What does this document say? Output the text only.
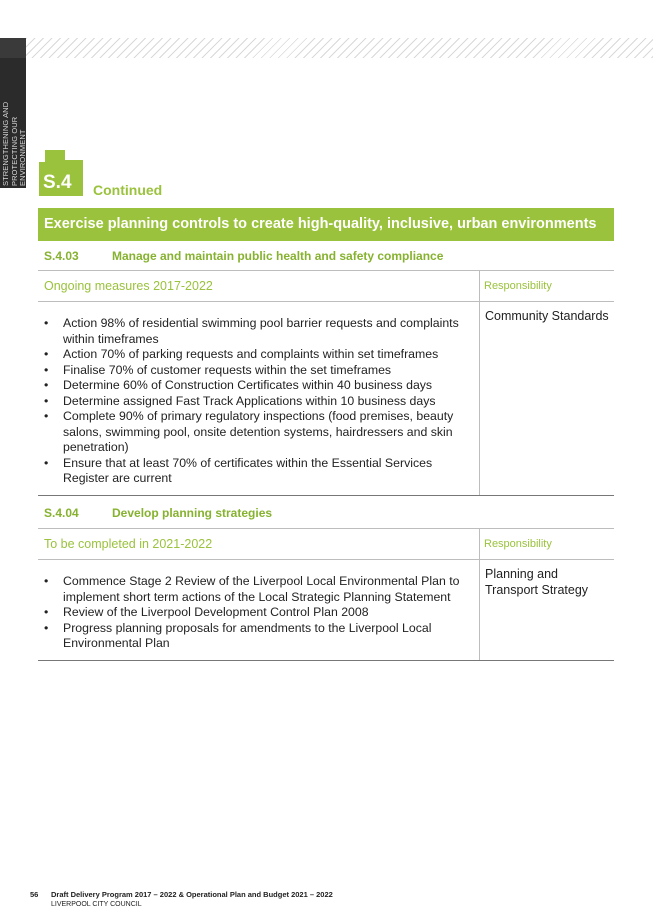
STRENGTHENING AND PROTECTING OUR ENVIRONMENT S.4 Continued
Exercise planning controls to create high-quality, inclusive, urban environments
S.4.03	Manage and maintain public health and safety compliance
Ongoing measures 2017-2022	Responsibility
• Action 98% of residential swimming pool barrier requests and complaints within timeframes
• Action 70% of parking requests and complaints within set timeframes
• Finalise 70% of customer requests within the set timeframes
• Determine 60% of Construction Certificates within 40 business days
• Determine assigned Fast Track Applications within 10 business days
• Complete 90% of primary regulatory inspections (food premises, beauty salons, swimming pool, onsite detention systems, hairdressers and skin penetration)
• Ensure that at least 70% of certificates within the Essential Services Register are current
Community Standards
S.4.04	Develop planning strategies
To be completed in 2021-2022	Responsibility
• Commence Stage 2 Review of the Liverpool Local Environmental Plan to implement short term actions of the Local Strategic Planning Statement
• Review of the Liverpool Development Control Plan 2008
• Progress planning proposals for amendments to the Liverpool Local Environmental Plan
Planning and Transport Strategy
56 Draft Delivery Program 2017 – 2022 & Operational Plan and Budget 2021 – 2022
LIVERPOOL CITY COUNCIL
